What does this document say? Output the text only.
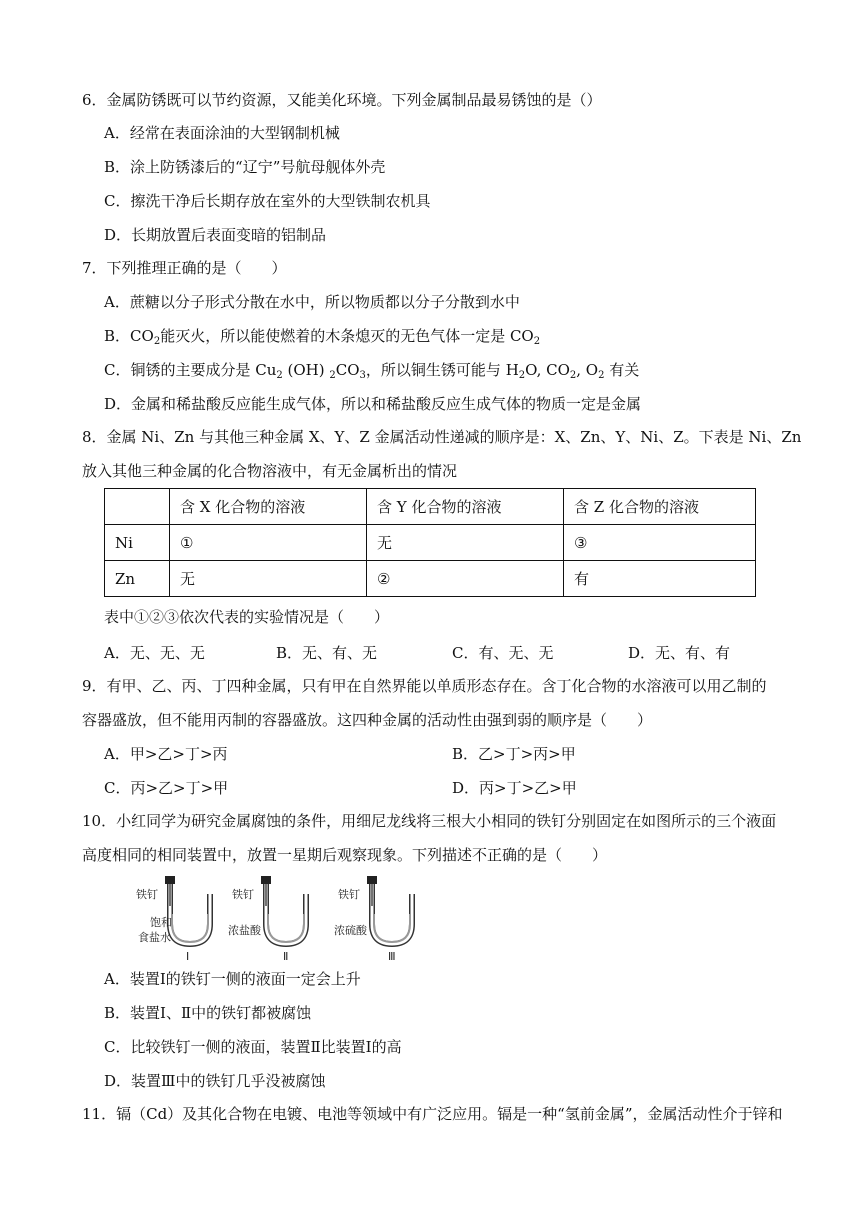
6．金属防锈既可以节约资源，又能美化环境。下列金属制品最易锈蚀的是（）
A．经常在表面涂油的大型钢制机械
B．涂上防锈漆后的“辽宁”号航母舰体外壳
C．擦洗干净后长期存放在室外的大型铁制农机具
D．长期放置后表面变暗的铝制品
7．下列推理正确的是（　　）
A．蔗糖以分子形式分散在水中，所以物质都以分子分散到水中
B．$CO_2$能灭火，所以能使燃着的木条熄灭的无色气体一定是 $CO_2$
C．铜锈的主要成分是 $Cu_2$ (OH) $_2CO_3$，所以铜生锈可能与 $H_2O$, $CO_2$, $O_2$ 有关
D．金属和稀盐酸反应能生成气体，所以和稀盐酸反应生成气体的物质一定是金属
8．金属 Ni、Zn 与其他三种金属 X、Y、Z 金属活动性递减的顺序是：X、Zn、Y、Ni、Z。下表是 Ni、Zn
放入其他三种金属的化合物溶液中，有无金属析出的情况
	含 X 化合物的溶液	含 Y 化合物的溶液	含 Z 化合物的溶液
Ni	①	无	③
Zn	无	②	有
表中①②③依次代表的实验情况是（　　）
A．无、无、无	B．无、有、无	C．有、无、无	D．无、有、有
9．有甲、乙、丙、丁四种金属，只有甲在自然界能以单质形态存在。含丁化合物的水溶液可以用乙制的
容器盛放，但不能用丙制的容器盛放。这四种金属的活动性由强到弱的顺序是（　　）
A．甲>乙>丁>丙	B．乙>丁>丙>甲
C．丙>乙>丁>甲	D．丙>丁>乙>甲
10．小红同学为研究金属腐蚀的条件，用细尼龙线将三根大小相同的铁钉分别固定在如图所示的三个液面
高度相同的相同装置中，放置一星期后观察现象。下列描述不正确的是（　　）
铁钉
饱和
食盐水
Ⅰ
铁钉
浓盐酸
Ⅱ
铁钉
浓硫酸
Ⅲ
A．装置Ⅰ的铁钉一侧的液面一定会上升
B．装置Ⅰ、Ⅱ中的铁钉都被腐蚀
C．比较铁钉一侧的液面，装置Ⅱ比装置Ⅰ的高
D．装置Ⅲ中的铁钉几乎没被腐蚀
11．镉（Cd）及其化合物在电镀、电池等领域中有广泛应用。镉是一种“氢前金属”，金属活动性介于锌和
